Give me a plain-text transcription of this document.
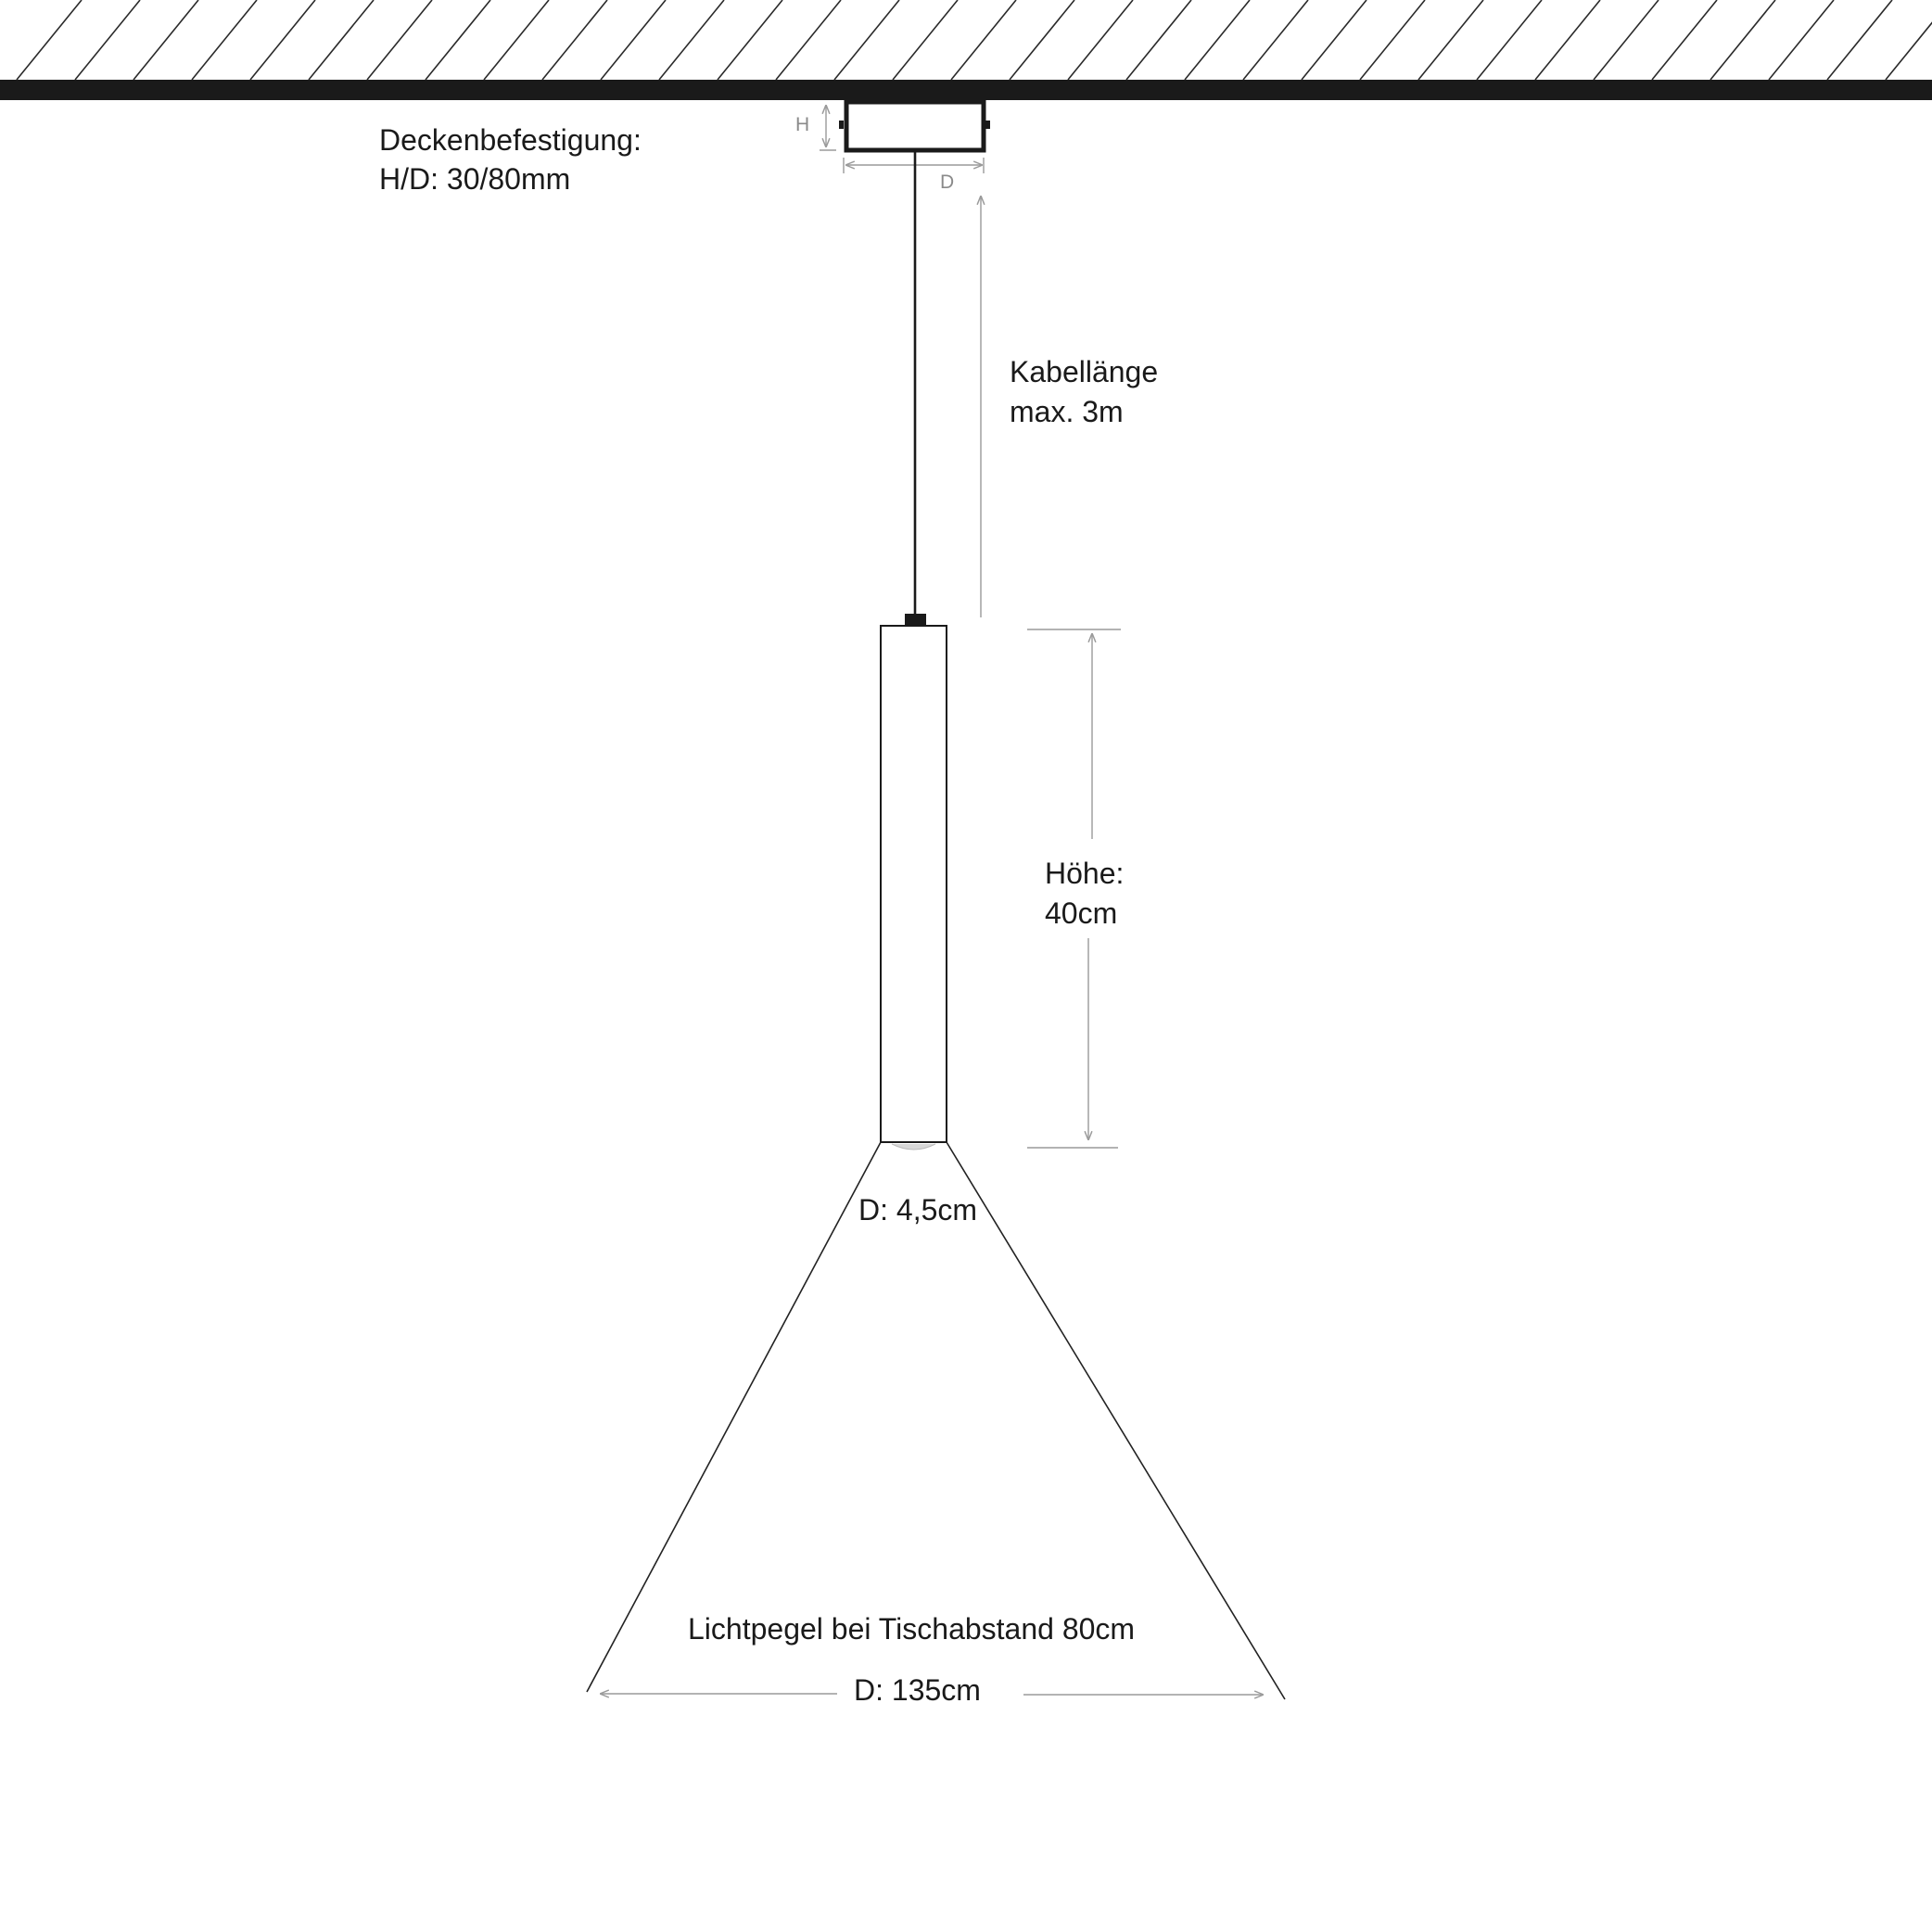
H
D
Deckenbefestigung:
H/D: 30/80mm
Kabellänge
max. 3m
Höhe:
40cm
D: 4,5cm
Lichtpegel bei Tischabstand 80cm
D: 135cm
